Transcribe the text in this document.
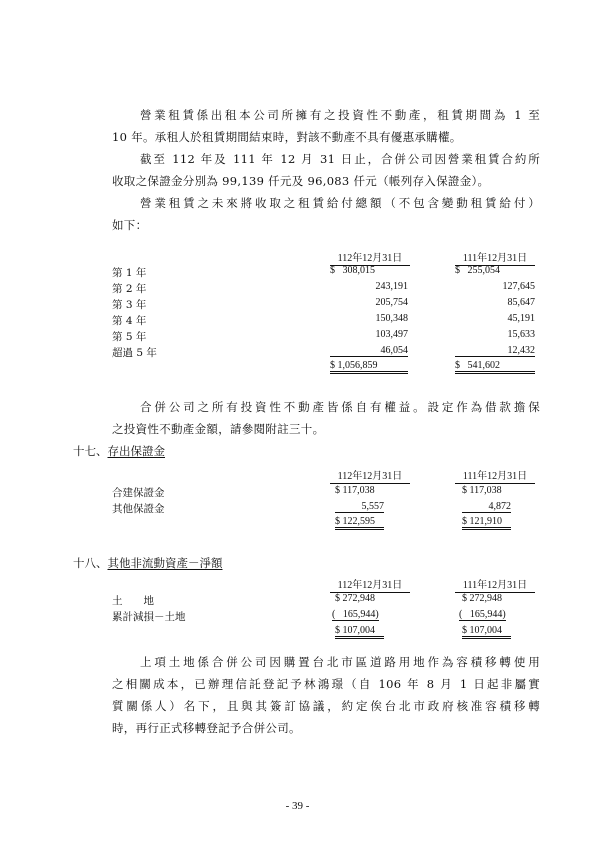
營業租賃係出租本公司所擁有之投資性不動產，租賃期間為 1 至
10 年。承租人於租賃期間結束時，對該不動產不具有優惠承購權。
截至 112 年及 111 年 12 月 31 日止，合併公司因營業租賃合約所
收取之保證金分別為 99,139 仟元及 96,083 仟元（帳列存入保證金）。
營業租賃之未來將收取之租賃給付總額（不包含變動租賃給付）
如下：
112年12月31日	111年12月31日
第 1 年	$   308,015	$   255,054
第 2 年	243,191	127,645
第 3 年	205,754	85,647
第 4 年	150,348	45,191
第 5 年	103,497	15,633
超過 5 年	46,054	12,432
$ 1,056,859	$   541,602
合併公司之所有投資性不動產皆係自有權益。設定作為借款擔保
之投資性不動產金額，請參閱附註三十。
十七、存出保證金
112年12月31日	111年12月31日
合建保證金	$ 117,038	$ 117,038
其他保證金	5,557	4,872
$ 122,595	$ 121,910
十八、其他非流動資產－淨額
112年12月31日	111年12月31日
土　　地	$ 272,948	$ 272,948
累計減損－土地	(   165,944)	(   165,944)
$ 107,004	$ 107,004
上項土地係合併公司因購置台北市區道路用地作為容積移轉使用
之相關成本，已辦理信託登記予林鴻璟（自 106 年 8 月 1 日起非屬實
質關係人）名下，且與其簽訂協議，約定俟台北市政府核准容積移轉
時，再行正式移轉登記予合併公司。
- 39 -
